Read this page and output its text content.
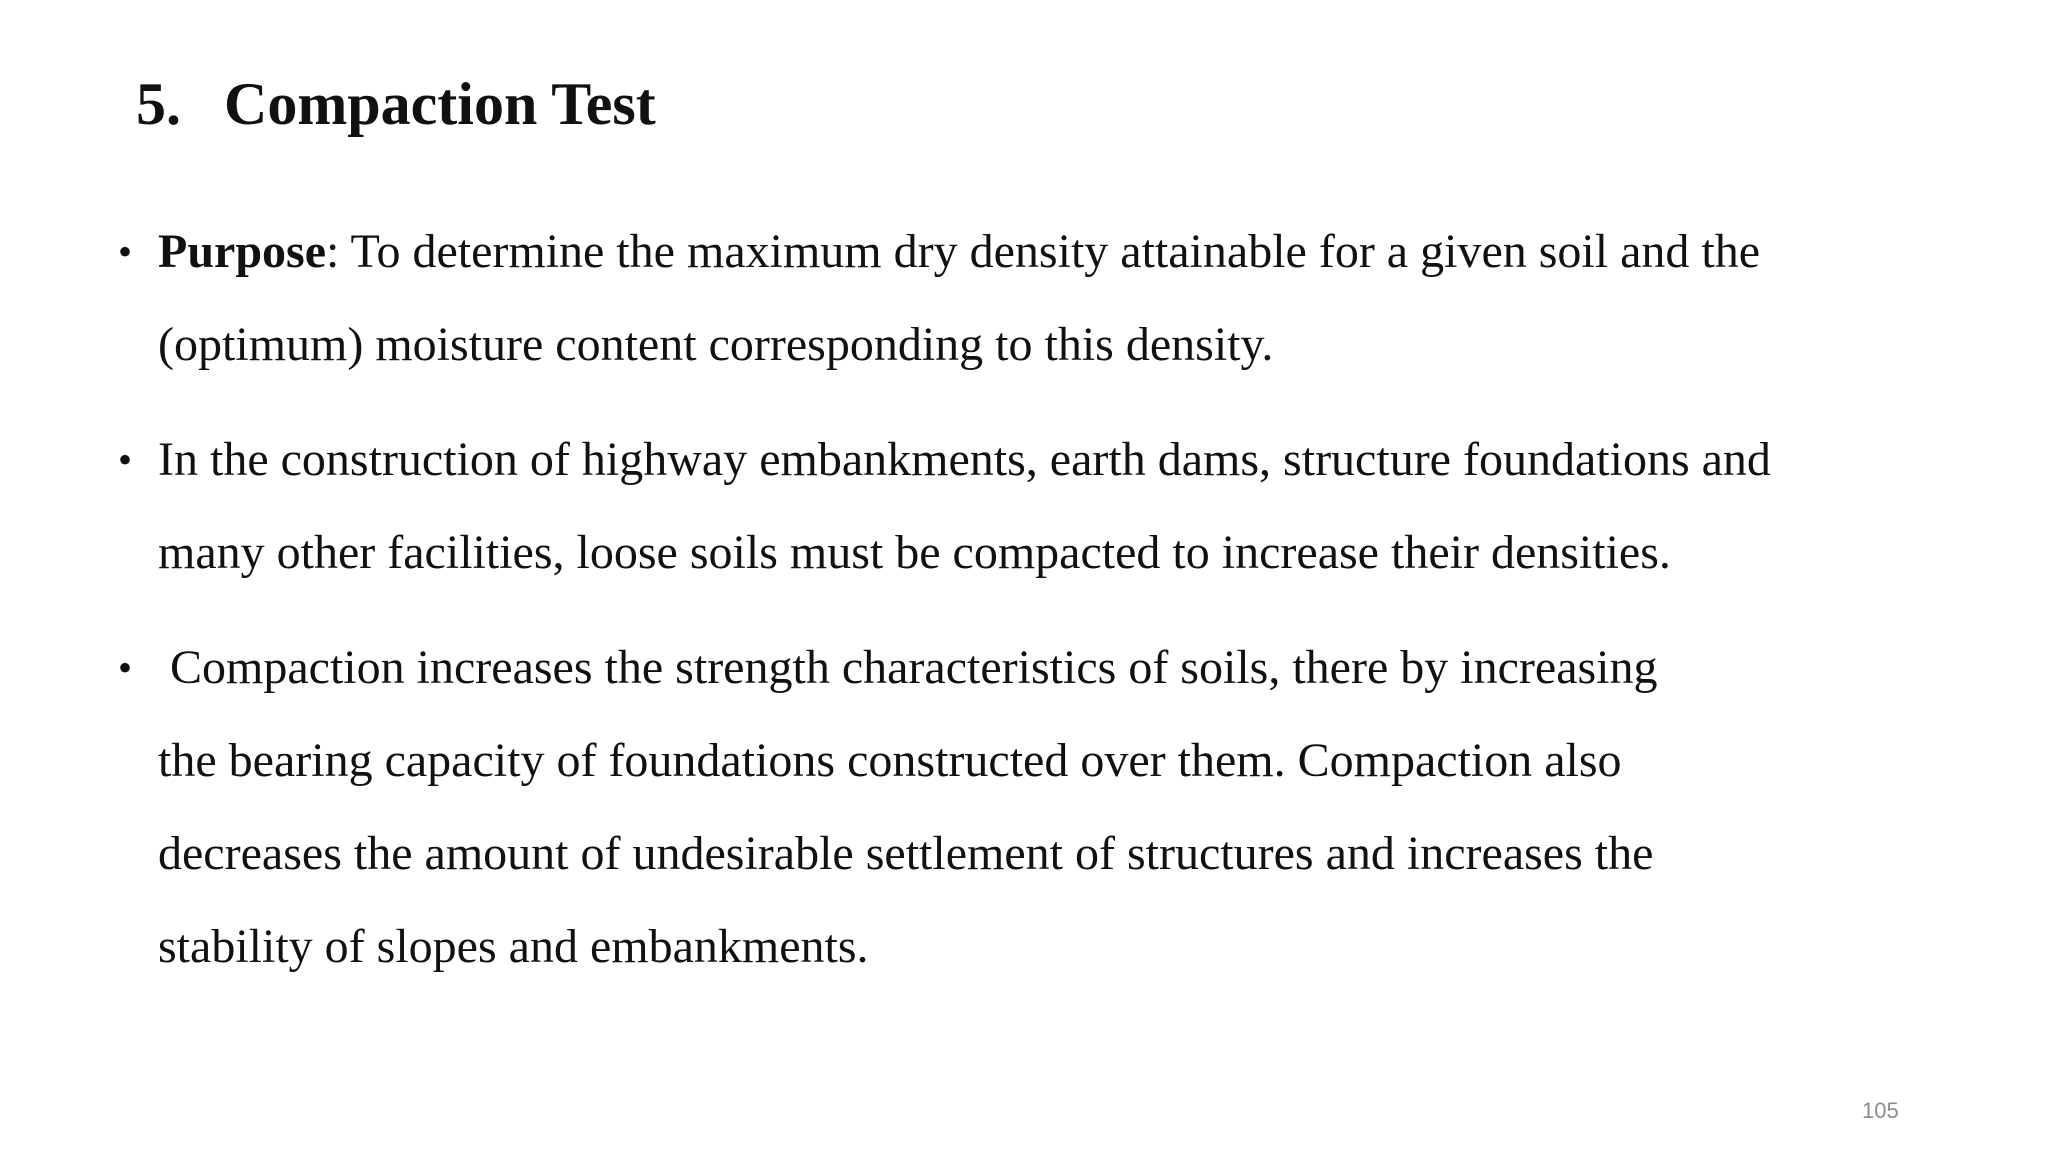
5. Compaction Test
• Purpose: To determine the maximum dry density attainable for a given soil and the
(optimum) moisture content corresponding to this density.
• In the construction of highway embankments, earth dams, structure foundations and
many other facilities, loose soils must be compacted to increase their densities.
• Compaction increases the strength characteristics of soils, there by increasing
the bearing capacity of foundations constructed over them. Compaction also
decreases the amount of undesirable settlement of structures and increases the
stability of slopes and embankments.
105
